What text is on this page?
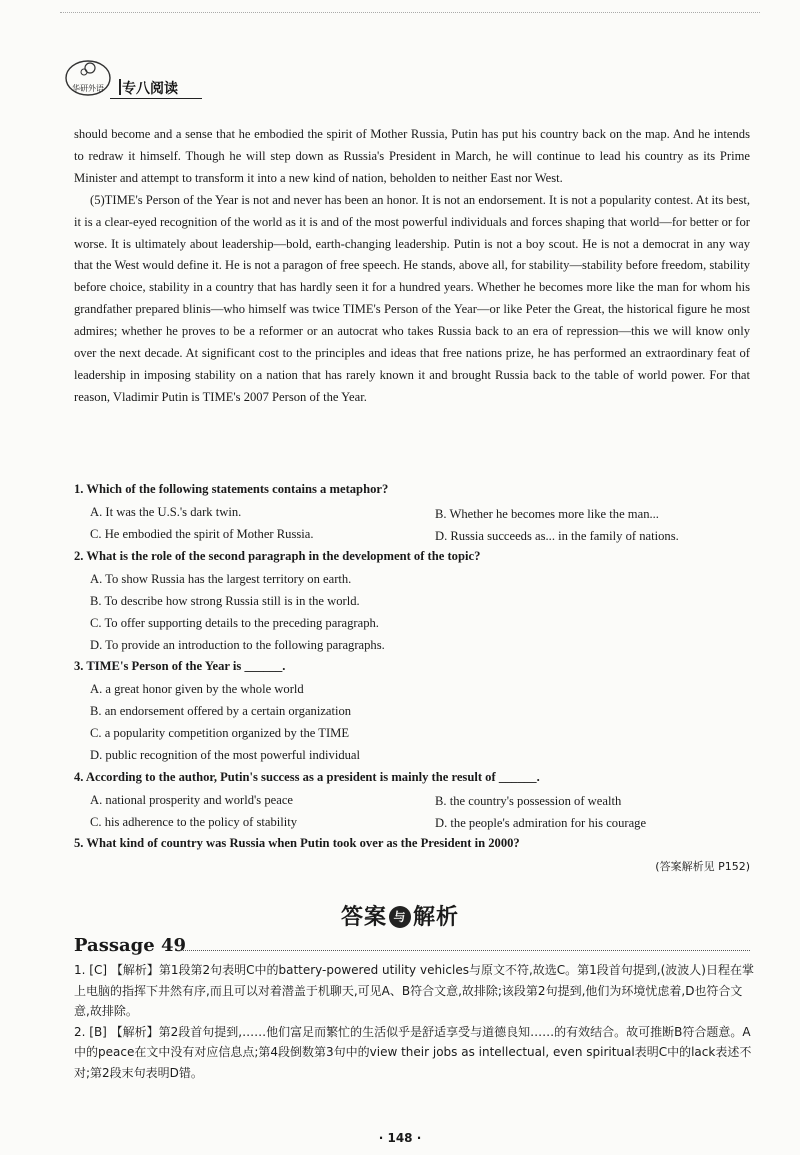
华研外语 专八阅读

should become and a sense that he embodied the spirit of Mother Russia, Putin has put his country back on the map. And he intends to redraw it himself. Though he will step down as Russia's President in March, he will continue to lead his country as its Prime Minister and attempt to transform it into a new kind of nation, beholden to neither East nor West.

(5)TIME's Person of the Year is not and never has been an honor. It is not an endorsement. It is not a popularity contest. At its best, it is a clear-eyed recognition of the world as it is and of the most powerful individuals and forces shaping that world—for better or for worse. It is ultimately about leadership—bold, earth-changing leadership. Putin is not a boy scout. He is not a democrat in any way that the West would define it. He is not a paragon of free speech. He stands, above all, for stability—stability before freedom, stability before choice, stability in a country that has hardly seen it for a hundred years. Whether he becomes more like the man for whom his grandfather prepared blinis—who himself was twice TIME's Person of the Year—or like Peter the Great, the historical figure he most admires; whether he proves to be a reformer or an autocrat who takes Russia back to an era of repression—this we will know only over the next decade. At significant cost to the principles and ideas that free nations prize, he has performed an extraordinary feat of leadership in imposing stability on a nation that has rarely known it and brought Russia back to the table of world power. For that reason, Vladimir Putin is TIME's 2007 Person of the Year.

1. Which of the following statements contains a metaphor?

A. It was the U.S.'s dark twin.	B. Whether he becomes more like the man...
C. He embodied the spirit of Mother Russia.	D. Russia succeeds as... in the family of nations.

2. What is the role of the second paragraph in the development of the topic?

A. To show Russia has the largest territory on earth.
B. To describe how strong Russia still is in the world.
C. To offer supporting details to the preceding paragraph.
D. To provide an introduction to the following paragraphs.

3. TIME's Person of the Year is ______.

A. a great honor given by the whole world
B. an endorsement offered by a certain organization
C. a popularity competition organized by the TIME
D. public recognition of the most powerful individual

4. According to the author, Putin's success as a president is mainly the result of ______.

A. national prosperity and world's peace	B. the country's possession of wealth
C. his adherence to the policy of stability	D. the people's admiration for his courage

5. What kind of country was Russia when Putin took over as the President in 2000?

(答案解析见 P152)
答案 与 解析
Passage 49

1. [C] 【解析】第1段第2句表明C中的battery-powered utility vehicles与原文不符,故选C。第1段首句提到,(波波人)日程在掌上电脑的指挥下井然有序,而且可以对着潜盖于机聊天,可见A、B符合文意,故排除;该段第2句提到,他们为环境忧虑着,D也符合文意,故排除。

2. [B] 【解析】第2段首句提到,……他们富足而繁忙的生活似乎是舒适享受与道德良知……的有效结合。故可推断B符合题意。A中的peace在文中没有对应信息点;第4段倒数第3句中的view their jobs as intellectual, even spiritual表明C中的lack表述不对;第2段末句表明D错。

· 148 ·
